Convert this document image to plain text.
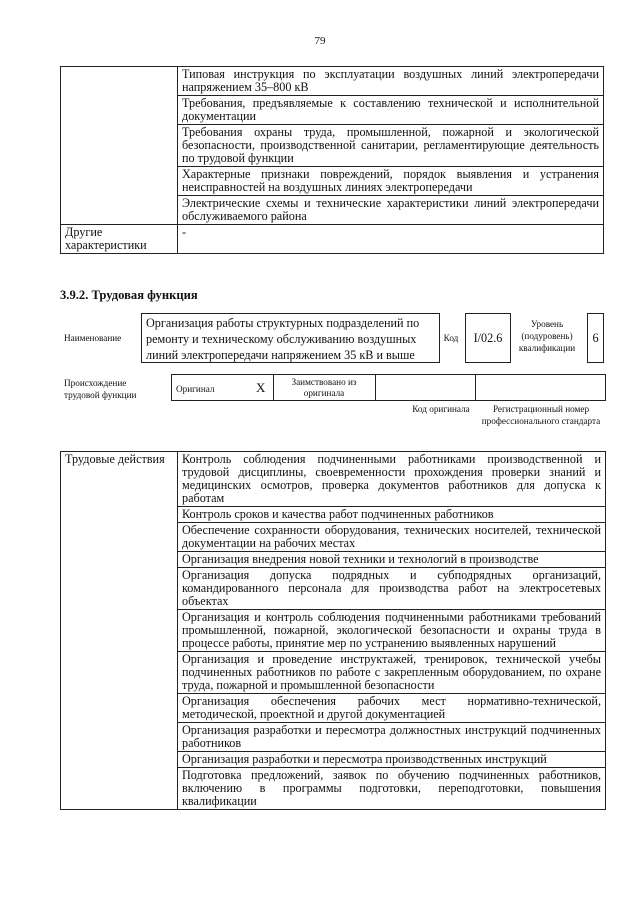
79
	Типовая инструкция по эксплуатации воздушных линий электропередачи напряжением 35–800 кВ
	Требования, предъявляемые к составлению технической и исполнительной документации
	Требования охраны труда, промышленной, пожарной и экологической безопасности, производственной санитарии, регламентирующие деятельность по трудовой функции
	Характерные признаки повреждений, порядок выявления и устранения неисправностей на воздушных линиях электропередачи
	Электрические схемы и технические характеристики линий электропередачи обслуживаемого района
Другие характеристики	-
3.9.2. Трудовая функция
Наименование
Организация работы структурных подразделений по ремонту и техническому обслуживанию воздушных линий электропередачи напряжением 35 кВ и выше
Код	I/02.6
Уровень (подуровень) квалификации
6
Происхождение трудовой функции
Оригинал	X	Заимствовано из оригинала
Код оригинала	Регистрационный номер профессионального стандарта
Трудовые действия	Контроль соблюдения подчиненными работниками производственной и трудовой дисциплины, своевременности прохождения проверки знаний и медицинских осмотров, проверка документов работников для допуска к работам
Контроль сроков и качества работ подчиненных работников
Обеспечение сохранности оборудования, технических носителей, технической документации на рабочих местах
Организация внедрения новой техники и технологий в производстве
Организация допуска подрядных и субподрядных организаций, командированного персонала для производства работ на электросетевых объектах
Организация и контроль соблюдения подчиненными работниками требований промышленной, пожарной, экологической безопасности и охраны труда в процессе работы, принятие мер по устранению выявленных нарушений
Организация и проведение инструктажей, тренировок, технической учебы подчиненных работников по работе с закрепленным оборудованием, по охране труда, пожарной и промышленной безопасности
Организация обеспечения рабочих мест нормативно-технической, методической, проектной и другой документацией
Организация разработки и пересмотра должностных инструкций подчиненных работников
Организация разработки и пересмотра производственных инструкций
Подготовка предложений, заявок по обучению подчиненных работников, включению в программы подготовки, переподготовки, повышения квалификации
